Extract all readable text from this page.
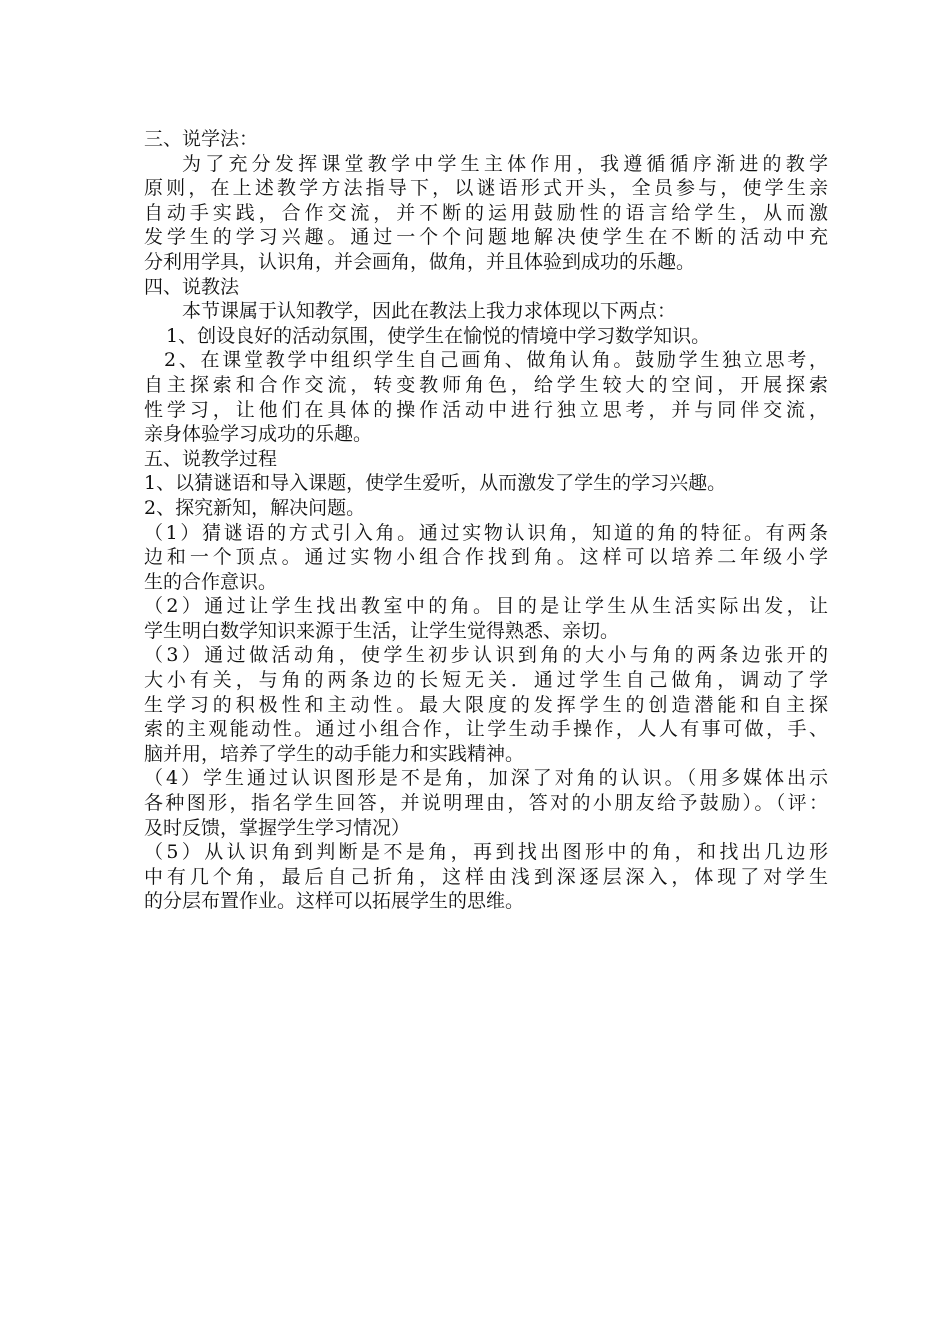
三、说学法：
为了充分发挥课堂教学中学生主体作用，我遵循循序渐进的教学
原则，在上述教学方法指导下，以谜语形式开头，全员参与，使学生亲
自动手实践，合作交流，并不断的运用鼓励性的语言给学生，从而激
发学生的学习兴趣。通过一个个问题地解决使学生在不断的活动中充
分利用学具，认识角，并会画角，做角，并且体验到成功的乐趣。
四、说教法
本节课属于认知教学，因此在教法上我力求体现以下两点：
1、创设良好的活动氛围，使学生在愉悦的情境中学习数学知识。
2、在课堂教学中组织学生自己画角、做角认角。鼓励学生独立思考，
自主探索和合作交流，转变教师角色，给学生较大的空间，开展探索
性学习，让他们在具体的操作活动中进行独立思考，并与同伴交流，
亲身体验学习成功的乐趣。
五、说教学过程
1、以猜谜语和导入课题，使学生爱听，从而激发了学生的学习兴趣。
2、探究新知，解决问题。
（1）猜谜语的方式引入角。通过实物认识角，知道的角的特征。有两条
边和一个顶点。通过实物小组合作找到角。这样可以培养二年级小学
生的合作意识。
（2）通过让学生找出教室中的角。目的是让学生从生活实际出发，让
学生明白数学知识来源于生活，让学生觉得熟悉、亲切。
（3）通过做活动角，使学生初步认识到角的大小与角的两条边张开的
大小有关，与角的两条边的长短无关．通过学生自己做角，调动了学
生学习的积极性和主动性。最大限度的发挥学生的创造潜能和自主探
索的主观能动性。通过小组合作，让学生动手操作，人人有事可做，手、
脑并用，培养了学生的动手能力和实践精神。
（4）学生通过认识图形是不是角，加深了对角的认识。（用多媒体出示
各种图形，指名学生回答，并说明理由，答对的小朋友给予鼓励）。（评：
及时反馈，掌握学生学习情况）
（5）从认识角到判断是不是角，再到找出图形中的角，和找出几边形
中有几个角，最后自己折角，这样由浅到深逐层深入，体现了对学生
的分层布置作业。这样可以拓展学生的思维。
